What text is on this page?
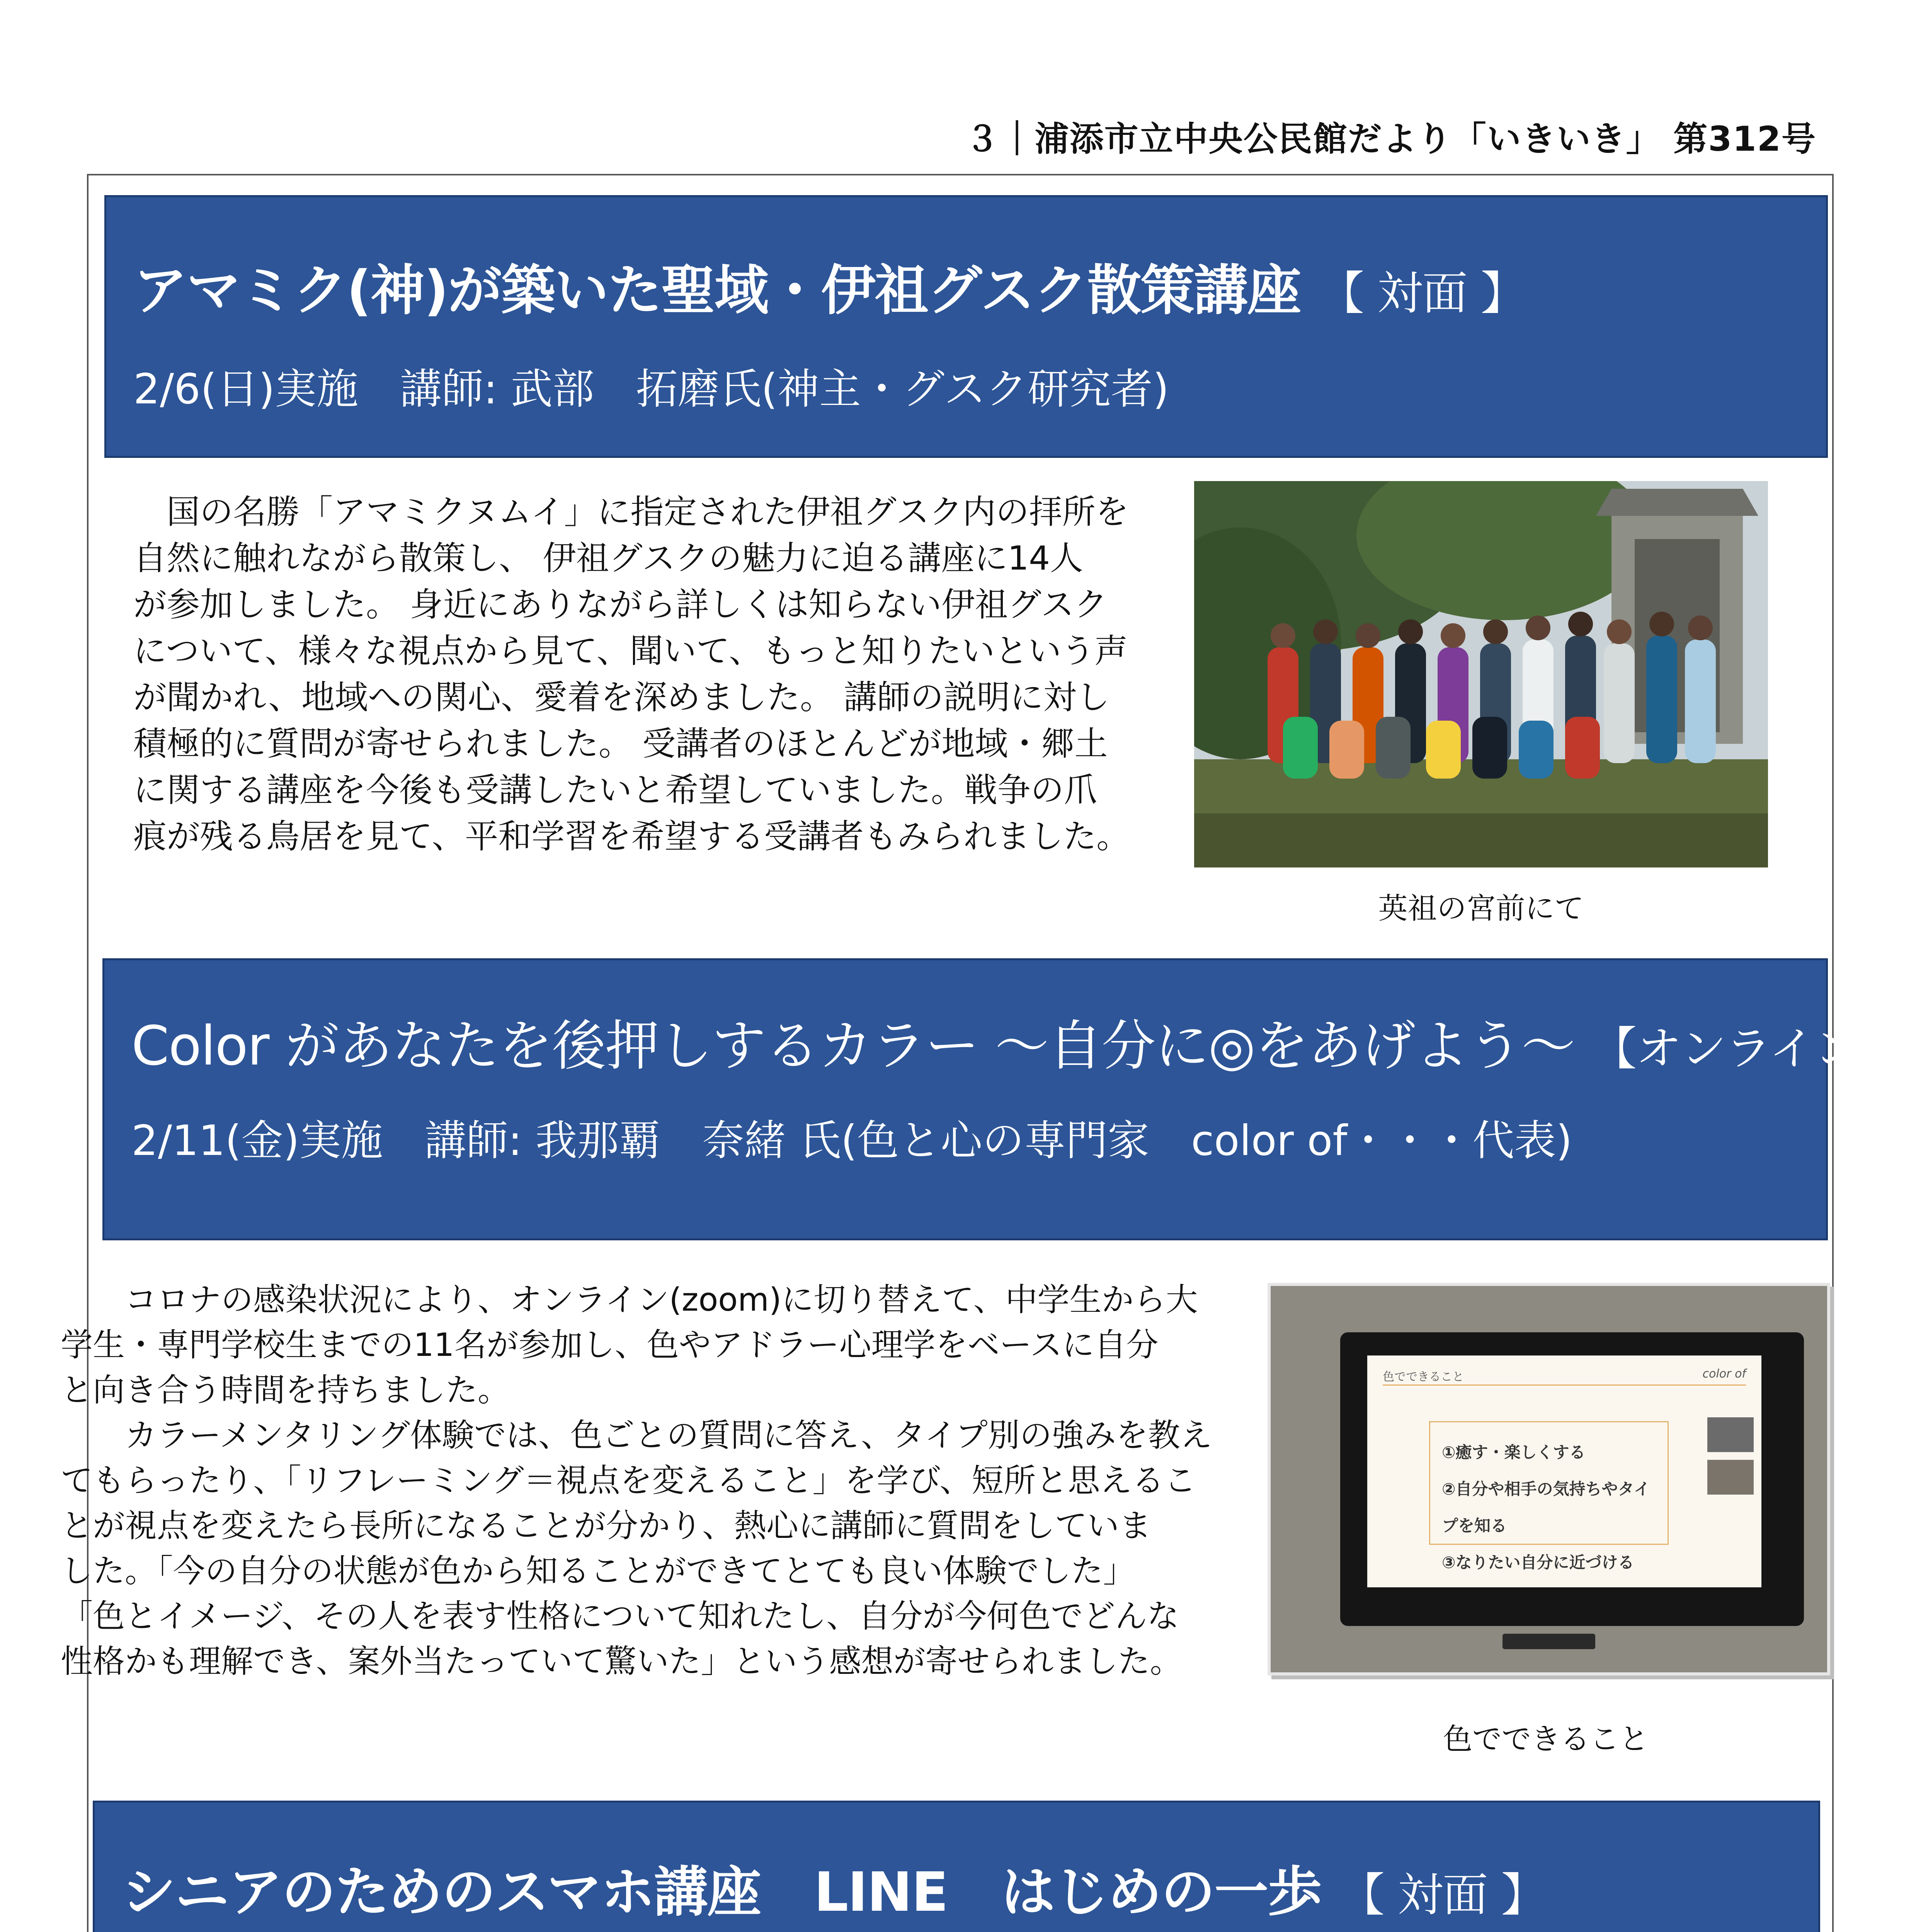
３｜浦添市立中央公民館だより「いきいき」 第312号
アマミク(神)が築いた聖域・伊祖グスク散策講座 【 対面 】
2/6(日)実施　講師: 武部　拓磨氏(神主・グスク研究者)

国の名勝「アマミクヌムイ」に指定された伊祖グスク内の拝所を
自然に触れながら散策し、 伊祖グスクの魅力に迫る講座に14人
が参加しました。 身近にありながら詳しくは知らない伊祖グスク
について、様々な視点から見て、聞いて、もっと知りたいという声
が聞かれ、地域への関心、愛着を深めました。 講師の説明に対し
積極的に質問が寄せられました。 受講者のほとんどが地域・郷土
に関する講座を今後も受講したいと希望していました。戦争の爪
痕が残る鳥居を見て、平和学習を希望する受講者もみられました。

英祖の宮前にて
Color があなたを後押しするカラー ～自分に◎をあげよう～ 【オンライン】
2/11(金)実施　講師: 我那覇　奈緒 氏(色と心の専門家　color of・・・代表)

コロナの感染状況により、オンライン(zoom)に切り替えて、中学生から大
学生・専門学校生までの11名が参加し、色やアドラー心理学をベースに自分
と向き合う時間を持ちました。

カラーメンタリング体験では、色ごとの質問に答え、タイプ別の強みを教え
てもらったり、「リフレーミング＝視点を変えること」を学び、短所と思えるこ
とが視点を変えたら長所になることが分かり、熱心に講師に質問をしていま
した。「今の自分の状態が色から知ることができてとても良い体験でした」
「色とイメージ、その人を表す性格について知れたし、自分が今何色でどんな
性格かも理解でき、案外当たっていて驚いた」という感想が寄せられました。

色でできること	color of
①癒す・楽しくする
②自分や相手の気持ちやタイプを知る
③なりたい自分に近づける
色でできること
シニアのためのスマホ講座　LINE　はじめの一歩 【 対面 】
